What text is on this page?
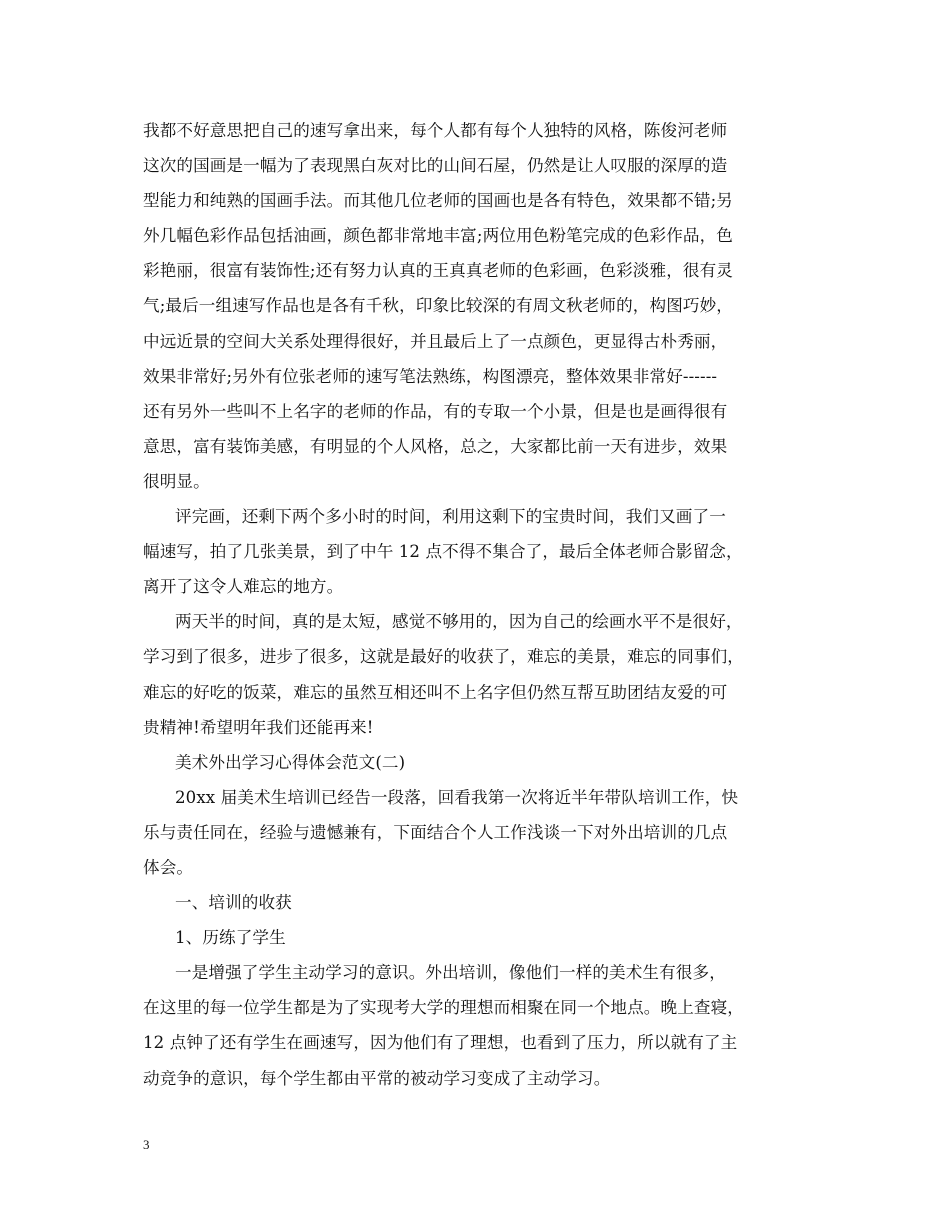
我都不好意思把自己的速写拿出来，每个人都有每个人独特的风格，陈俊河老师
这次的国画是一幅为了表现黑白灰对比的山间石屋，仍然是让人叹服的深厚的造
型能力和纯熟的国画手法。而其他几位老师的国画也是各有特色，效果都不错;另
外几幅色彩作品包括油画，颜色都非常地丰富;两位用色粉笔完成的色彩作品，色
彩艳丽，很富有装饰性;还有努力认真的王真真老师的色彩画，色彩淡雅，很有灵
气;最后一组速写作品也是各有千秋，印象比较深的有周文秋老师的，构图巧妙，
中远近景的空间大关系处理得很好，并且最后上了一点颜色，更显得古朴秀丽，
效果非常好;另外有位张老师的速写笔法熟练，构图漂亮，整体效果非常好------
还有另外一些叫不上名字的老师的作品，有的专取一个小景，但是也是画得很有
意思，富有装饰美感，有明显的个人风格，总之，大家都比前一天有进步，效果
很明显。
评完画，还剩下两个多小时的时间，利用这剩下的宝贵时间，我们又画了一
幅速写，拍了几张美景，到了中午 12 点不得不集合了，最后全体老师合影留念，
离开了这令人难忘的地方。
两天半的时间，真的是太短，感觉不够用的，因为自己的绘画水平不是很好，
学习到了很多，进步了很多，这就是最好的收获了，难忘的美景，难忘的同事们，
难忘的好吃的饭菜，难忘的虽然互相还叫不上名字但仍然互帮互助团结友爱的可
贵精神!希望明年我们还能再来!
美术外出学习心得体会范文(二)
20xx 届美术生培训已经告一段落，回看我第一次将近半年带队培训工作，快
乐与责任同在，经验与遗憾兼有，下面结合个人工作浅谈一下对外出培训的几点
体会。
一、培训的收获
1、历练了学生
一是增强了学生主动学习的意识。外出培训，像他们一样的美术生有很多，
在这里的每一位学生都是为了实现考大学的理想而相聚在同一个地点。晚上查寝，
12 点钟了还有学生在画速写，因为他们有了理想，也看到了压力，所以就有了主
动竞争的意识，每个学生都由平常的被动学习变成了主动学习。
3
